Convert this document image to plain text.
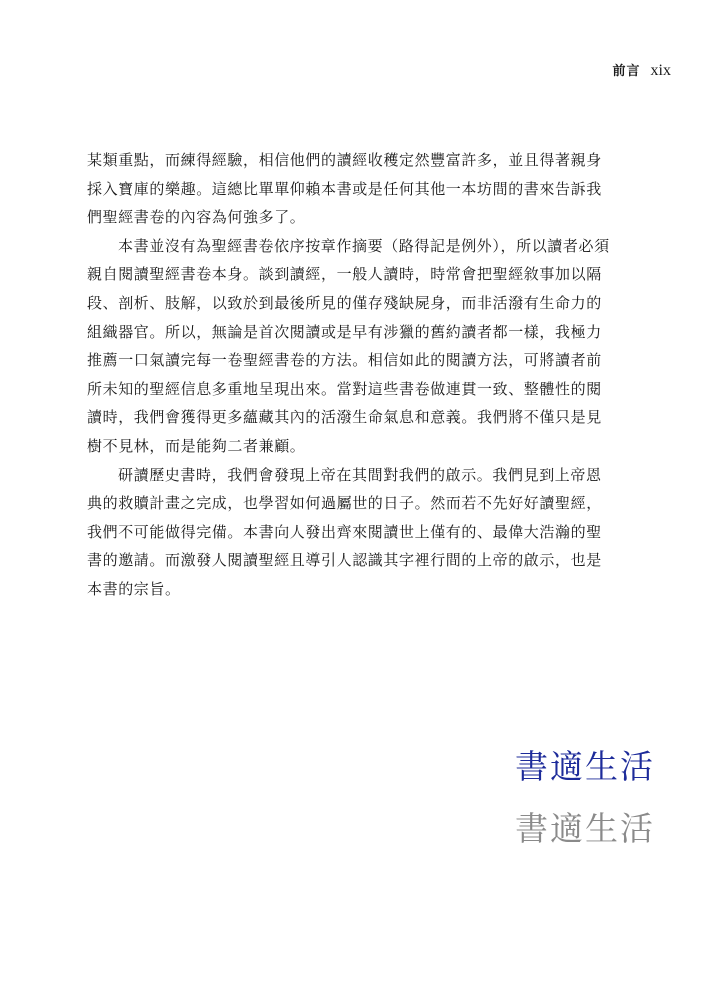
前言 xix
某類重點，而練得經驗，相信他們的讀經收穫定然豐富許多，並且得著親身
採入寶庫的樂趣。這總比單單仰賴本書或是任何其他一本坊間的書來告訴我
們聖經書卷的內容為何強多了。
本書並沒有為聖經書卷依序按章作摘要（路得記是例外），所以讀者必須
親自閱讀聖經書卷本身。談到讀經，一般人讀時，時常會把聖經敘事加以隔
段、剖析、肢解，以致於到最後所見的僅存殘缺屍身，而非活潑有生命力的
組織器官。所以，無論是首次閱讀或是早有涉獵的舊約讀者都一樣，我極力
推薦一口氣讀完每一卷聖經書卷的方法。相信如此的閱讀方法，可將讀者前
所未知的聖經信息多重地呈現出來。當對這些書卷做連貫一致、整體性的閱
讀時，我們會獲得更多蘊藏其內的活潑生命氣息和意義。我們將不僅只是見
樹不見林，而是能夠二者兼顧。
研讀歷史書時，我們會發現上帝在其間對我們的啟示。我們見到上帝恩
典的救贖計畫之完成，也學習如何過屬世的日子。然而若不先好好讀聖經，
我們不可能做得完備。本書向人發出齊來閱讀世上僅有的、最偉大浩瀚的聖
書的邀請。而激發人閱讀聖經且導引人認識其字裡行間的上帝的啟示，也是
本書的宗旨。
書適生活
書適生活
